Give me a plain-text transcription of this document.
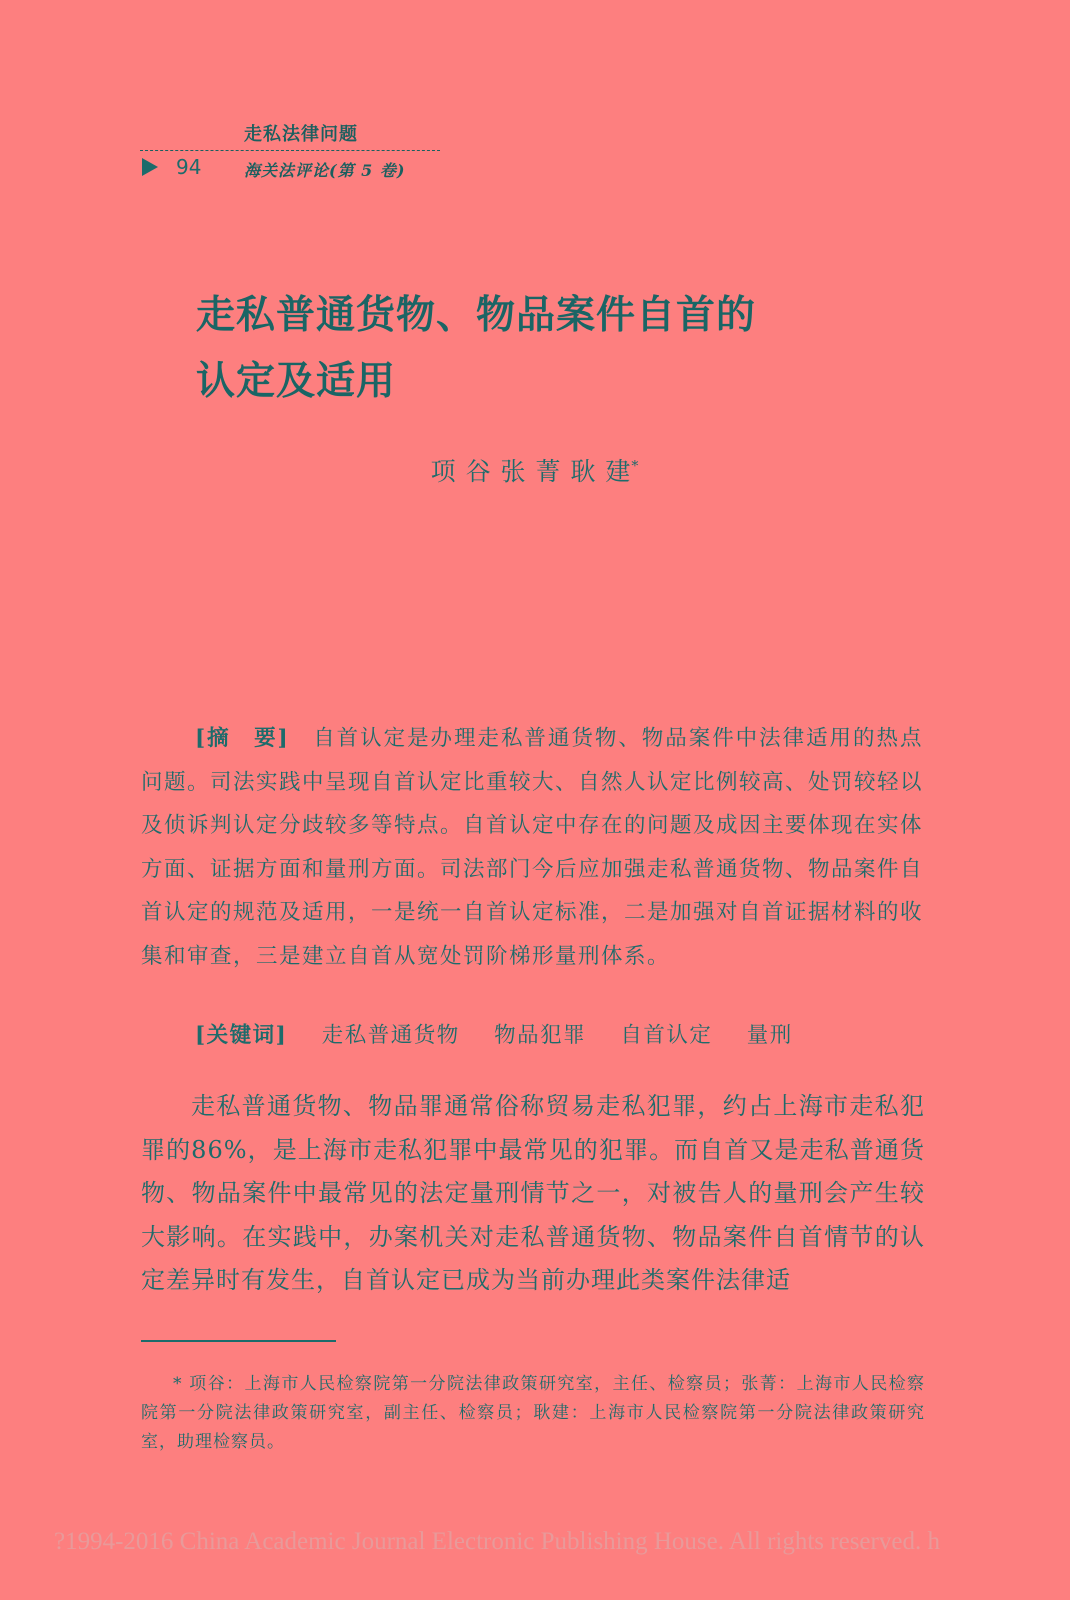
走私法律问题
94	海关法评论(第 5 卷)
走私普通货物、物品案件自首的
认定及适用
项 谷 张 菁 耿 建*
[摘　要]　 自首认定是办理走私普通货物、物品案件中法律适用的热点问题。司法实践中呈现自首认定比重较大、自然人认定比例较高、处罚较轻以及侦诉判认定分歧较多等特点。自首认定中存在的问题及成因主要体现在实体方面、证据方面和量刑方面。司法部门今后应加强走私普通货物、物品案件自首认定的规范及适用，一是统一自首认定标准，二是加强对自首证据材料的收集和审查，三是建立自首从宽处罚阶梯形量刑体系。
[关键词] 走私普通货物 物品犯罪 自首认定 量刑
走私普通货物、物品罪通常俗称贸易走私犯罪，约占上海市走私犯罪的86%，是上海市走私犯罪中最常见的犯罪。而自首又是走私普通货物、物品案件中最常见的法定量刑情节之一，对被告人的量刑会产生较大影响。在实践中，办案机关对走私普通货物、物品案件自首情节的认定差异时有发生，自首认定已成为当前办理此类案件法律适
* 项谷：上海市人民检察院第一分院法律政策研究室，主任、检察员；张菁：上海市人民检察院第一分院法律政策研究室，副主任、检察员；耿建：上海市人民检察院第一分院法律政策研究室，助理检察员。
?1994-2016 China Academic Journal Electronic Publishing House. All rights reserved. h
